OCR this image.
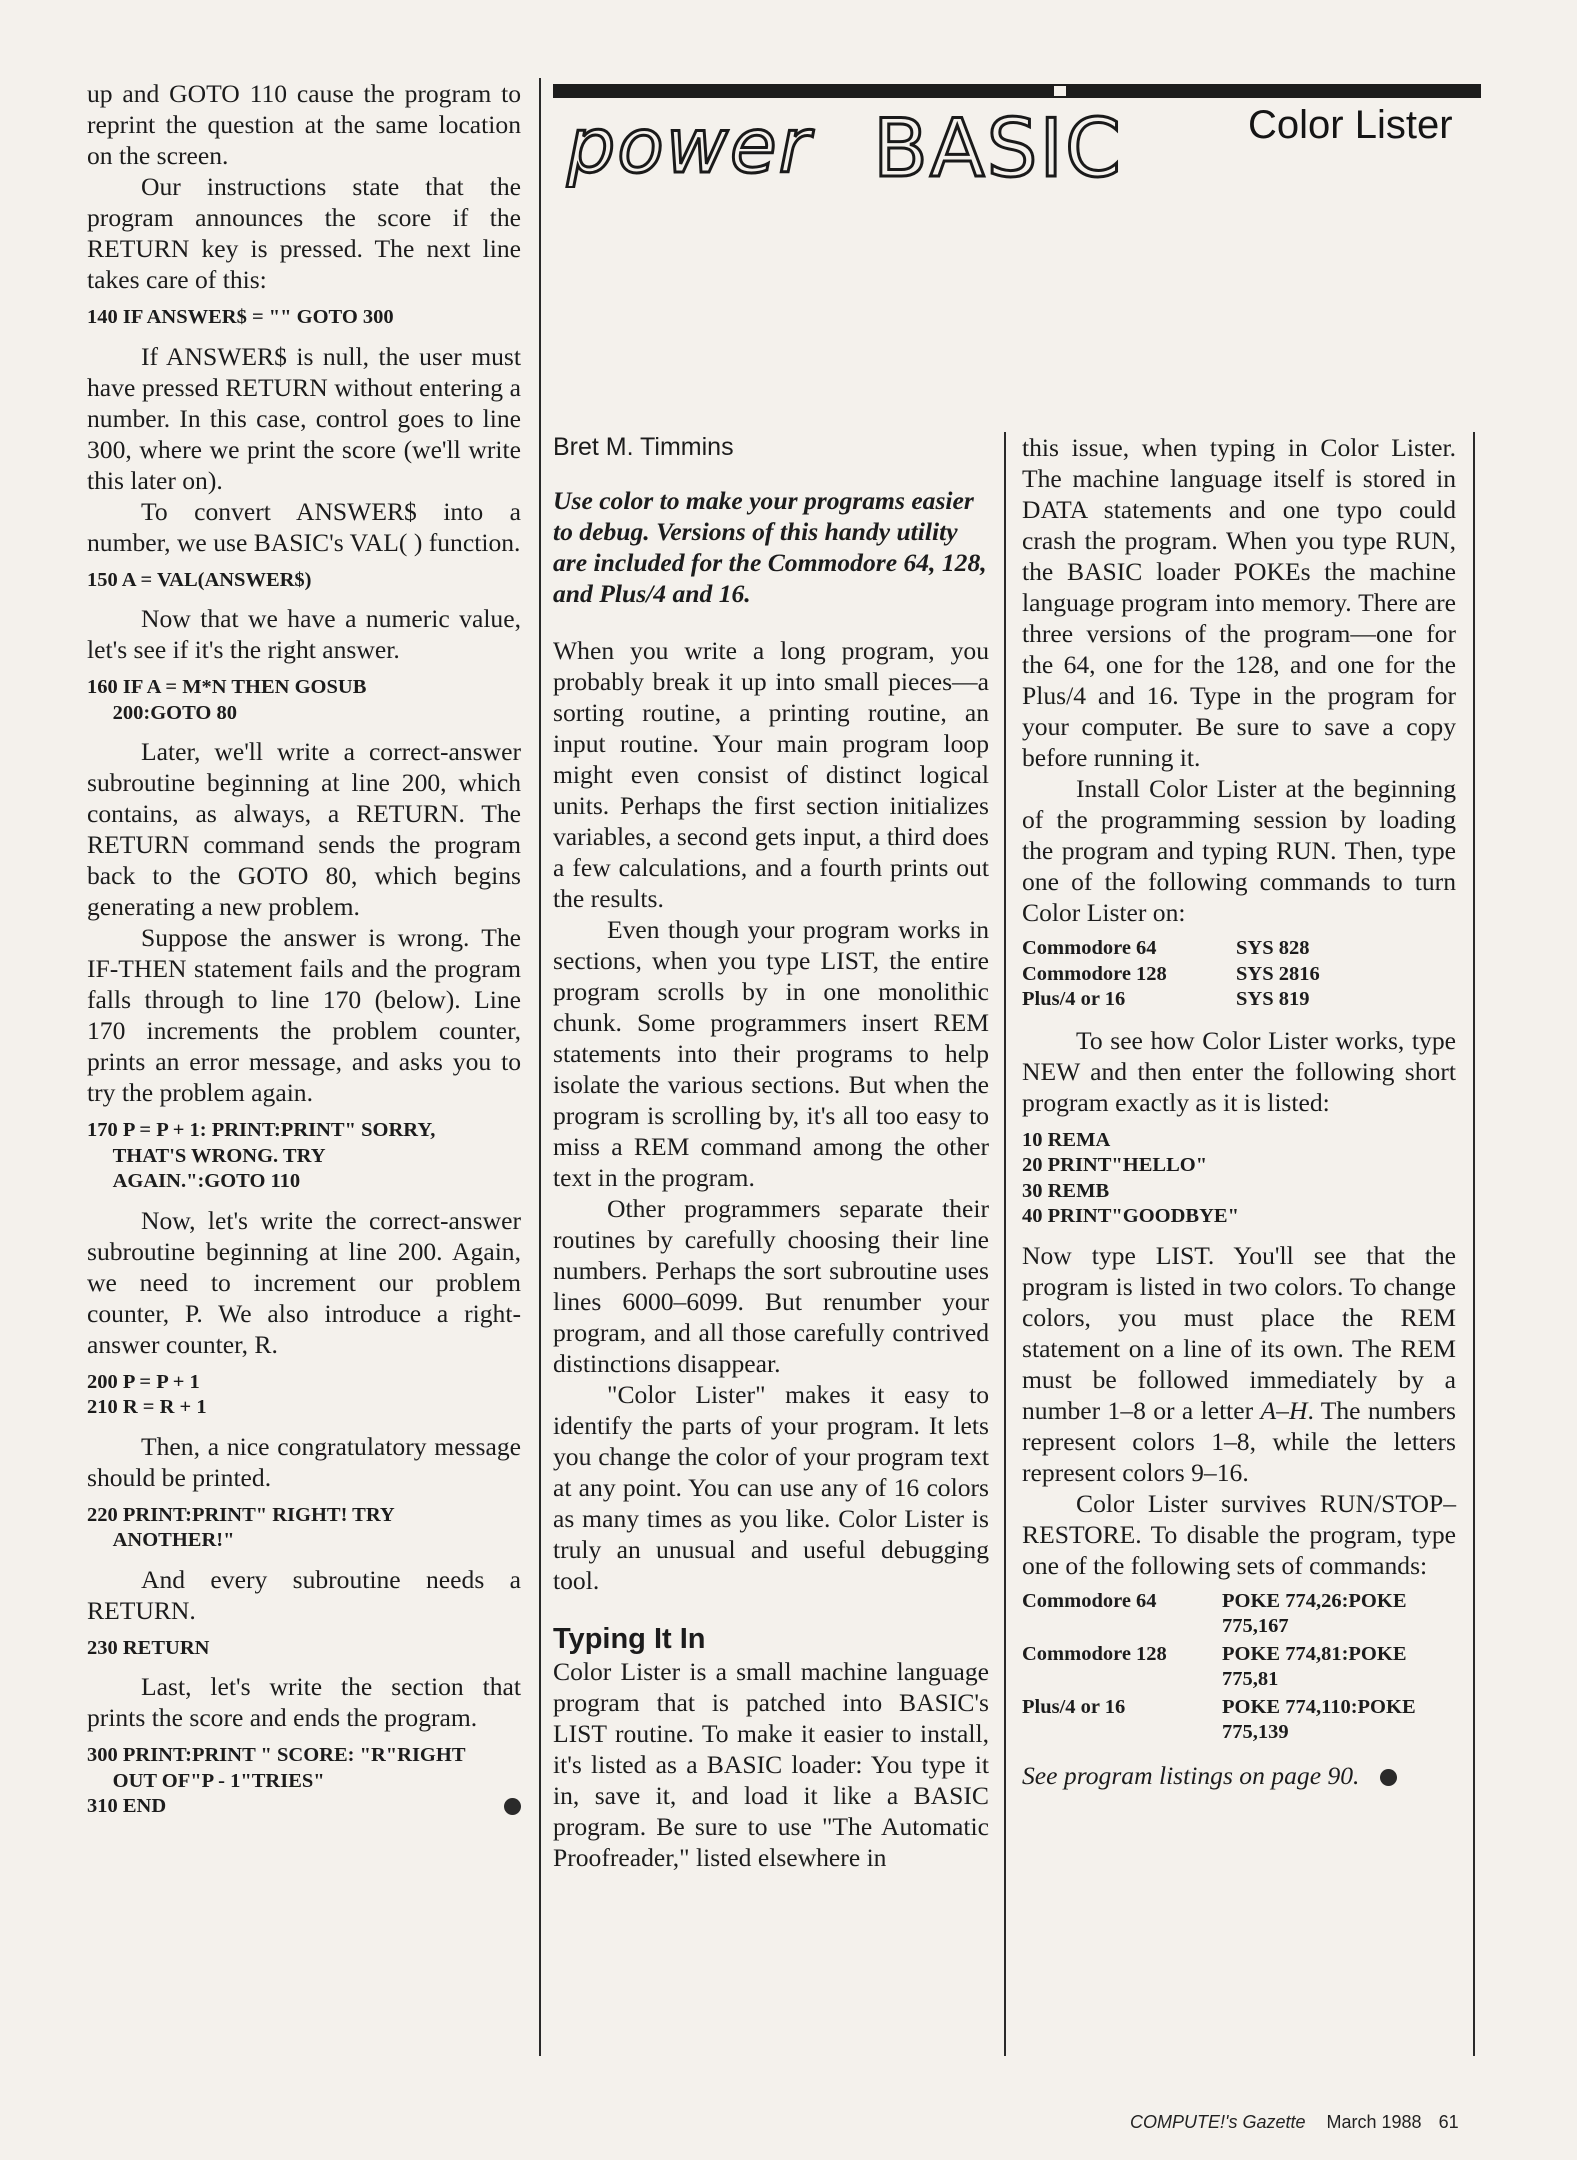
power BASIC	Color Lister

up and GOTO 110 cause the program to reprint the question at the same location on the screen.

Our instructions state that the program announces the score if the RETURN key is pressed. The next line takes care of this:

140 IF ANSWER$ = "" GOTO 300

If ANSWER$ is null, the user must have pressed RETURN without entering a number. In this case, control goes to line 300, where we print the score (we'll write this later on).

To convert ANSWER$ into a number, we use BASIC's VAL( ) function.

150 A = VAL(ANSWER$)

Now that we have a numeric value, let's see if it's the right answer.

160 IF A = M*N THEN GOSUB
200:GOTO 80

Later, we'll write a correct-answer subroutine beginning at line 200, which contains, as always, a RETURN. The RETURN command sends the program back to the GOTO 80, which begins generating a new problem.

Suppose the answer is wrong. The IF-THEN statement fails and the program falls through to line 170 (below). Line 170 increments the problem counter, prints an error message, and asks you to try the problem again.

170 P = P + 1: PRINT:PRINT" SORRY,
THAT'S WRONG. TRY
AGAIN.":GOTO 110

Now, let's write the correct-answer subroutine beginning at line 200. Again, we need to increment our problem counter, P. We also introduce a right-answer counter, R.

200 P = P + 1
210 R = R + 1

Then, a nice congratulatory message should be printed.

220 PRINT:PRINT" RIGHT! TRY
ANOTHER!"

And every subroutine needs a RETURN.

230 RETURN

Last, let's write the section that prints the score and ends the program.

300 PRINT:PRINT " SCORE: "R"RIGHT
OUT OF"P - 1"TRIES"
310 END
Bret M. Timmins
Use color to make your programs easier to debug. Versions of this handy utility are included for the Commodore 64, 128, and Plus/4 and 16.

When you write a long program, you probably break it up into small pieces—a sorting routine, a printing routine, an input routine. Your main program loop might even consist of distinct logical units. Perhaps the first section initializes variables, a second gets input, a third does a few calculations, and a fourth prints out the results.

Even though your program works in sections, when you type LIST, the entire program scrolls by in one monolithic chunk. Some programmers insert REM statements into their programs to help isolate the various sections. But when the program is scrolling by, it's all too easy to miss a REM command among the other text in the program.

Other programmers separate their routines by carefully choosing their line numbers. Perhaps the sort subroutine uses lines 6000–6099. But renumber your program, and all those carefully contrived distinctions disappear.

"Color Lister" makes it easy to identify the parts of your program. It lets you change the color of your program text at any point. You can use any of 16 colors as many times as you like. Color Lister is truly an unusual and useful debugging tool.

Typing It In

Color Lister is a small machine language program that is patched into BASIC's LIST routine. To make it easier to install, it's listed as a BASIC loader: You type it in, save it, and load it like a BASIC program. Be sure to use "The Automatic Proofreader," listed elsewhere in

this issue, when typing in Color Lister. The machine language itself is stored in DATA statements and one typo could crash the program. When you type RUN, the BASIC loader POKEs the machine language program into memory. There are three versions of the program—one for the 64, one for the 128, and one for the Plus/4 and 16. Type in the program for your computer. Be sure to save a copy before running it.

Install Color Lister at the beginning of the programming session by loading the program and typing RUN. Then, type one of the following commands to turn Color Lister on:

Commodore 64	SYS 828
Commodore 128	SYS 2816
Plus/4 or 16	SYS 819

To see how Color Lister works, type NEW and then enter the following short program exactly as it is listed:

10 REMA
20 PRINT"HELLO"
30 REMB
40 PRINT"GOODBYE"

Now type LIST. You'll see that the program is listed in two colors. To change colors, you must place the REM statement on a line of its own. The REM must be followed immediately by a number 1–8 or a letter A–H. The numbers represent colors 1–8, while the letters represent colors 9–16.

Color Lister survives RUN/STOP–RESTORE. To disable the program, type one of the following sets of commands:

Commodore 64	POKE 774,26:POKE 775,167
Commodore 128	POKE 774,81:POKE 775,81
Plus/4 or 16	POKE 774,110:POKE 775,139
See program listings on page 90.
COMPUTE!'s Gazette March 1988 61
